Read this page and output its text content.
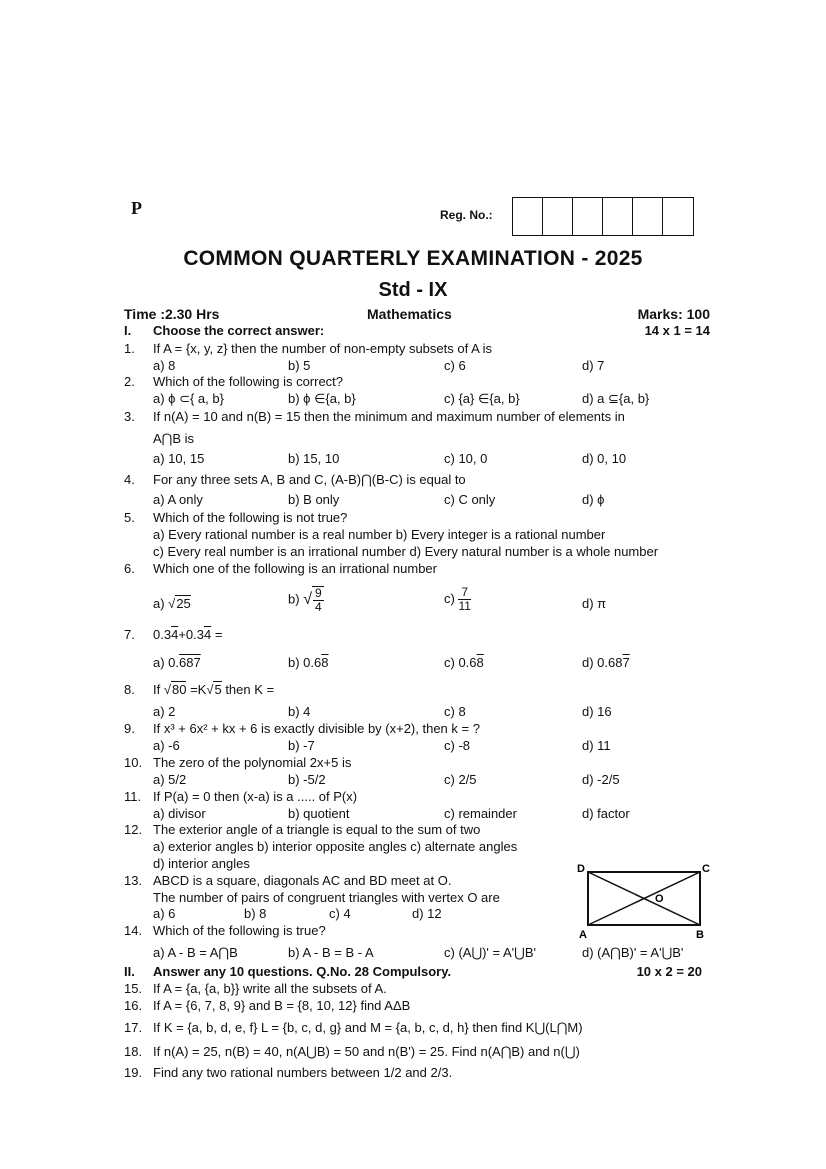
P	Reg. No.:
COMMON QUARTERLY EXAMINATION - 2025
Std - IX
Time :2.30 Hrs	Mathematics	Marks: 100
I. Choose the correct answer:	14 x 1 = 14
1. If A = {x, y, z} then the number of non-empty subsets of A is
a) 8	b) 5	c) 6	d) 7
2. Which of the following is correct?
a) ϕ ⊂{ a, b}	b) ϕ ∈{a, b}	c) {a} ∈{a, b}	d) a ⊆{a, b}
3. If n(A) = 10 and n(B) = 15 then the minimum and maximum number of elements in
A⋂B is
a) 10, 15	b) 15, 10	c) 10, 0	d) 0, 10
4. For any three sets A, B and C, (A-B)⋂(B-C) is equal to
a) A only	b) B only	c) C only	d) ϕ
5. Which of the following is not true?
a) Every rational number is a real number b) Every integer is a rational number
c) Every real number is an irrational number d) Every natural number is a whole number
6. Which one of the following is an irrational number
a) √25	b) √ $\frac{9}{4}$	$c) \frac{7}{11}$	d) π
7. 0.34+0.34 =
a) 0.687	b) 0.68	c) 0.68	d) 0.687
8. If √80 =K√5 then K =
a) 2	b) 4	c) 8	d) 16
9. If x³ + 6x² + kx + 6 is exactly divisible by (x+2), then k = ?
a) -6	b) -7	c) -8	d) 11
10. The zero of the polynomial 2x+5 is
a) 5/2	b) -5/2	c) 2/5	d) -2/5
11. If P(a) = 0 then (x-a) is a ..... of P(x)
a) divisor	b) quotient	c) remainder	d) factor
12. The exterior angle of a triangle is equal to the sum of two
a) exterior angles b) interior opposite angles c) alternate angles
d) interior angles
13. ABCD is a square, diagonals AC and BD meet at O.
The number of pairs of congruent triangles with vertex O are
a) 6	b) 8	c) 4	d) 12
D	C
A	B
O
14. Which of the following is true?
a) A - B = A⋂B	b) A - B = B - A	c) (A⋃)' = A'⋃B'	d) (A⋂B)' = A'⋃B'
II. Answer any 10 questions. Q.No. 28 Compulsory.	10 x 2 = 20
15. If A = {a, {a, b}} write all the subsets of A.
16. If A = {6, 7, 8, 9} and B = {8, 10, 12} find AΔB
17. If K = {a, b, d, e, f} L = {b, c, d, g} and M = {a, b, c, d, h} then find K⋃(L⋂M)
18. If n(A) = 25, n(B) = 40, n(A⋃B) = 50 and n(B') = 25. Find n(A⋂B) and n(⋃)
19. Find any two rational numbers between 1/2 and 2/3.
